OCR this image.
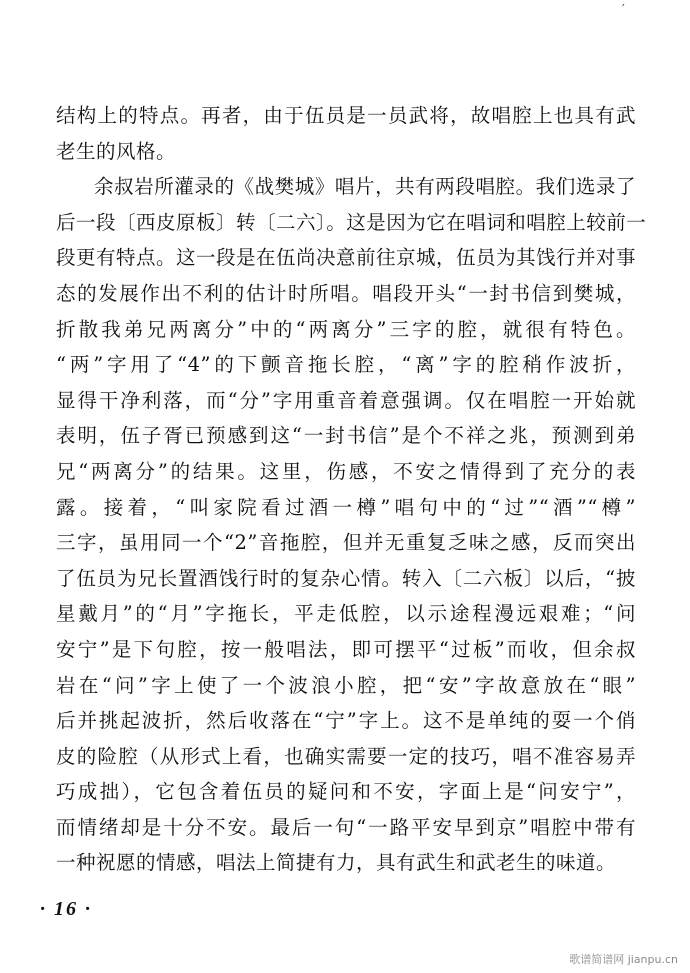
′
结构上的特点。再者，由于伍员是一员武将，故唱腔上也具有武
老生的风格。
余叔岩所灌录的《战樊城》唱片，共有两段唱腔。我们选录了
后一段〔西皮原板〕转〔二六〕。这是因为它在唱词和唱腔上较前一
段更有特点。这一段是在伍尚决意前往京城，伍员为其饯行并对事
态的发展作出不利的估计时所唱。唱段开头“一封书信到樊城，
折散我弟兄两离分”中的“两离分”三字的腔，就很有特色。
“两”字用了“4”的下颤音拖长腔，“离”字的腔稍作波折，
显得干净利落，而“分”字用重音着意强调。仅在唱腔一开始就
表明，伍子胥已预感到这“一封书信”是个不祥之兆，预测到弟
兄“两离分”的结果。这里，伤感，不安之情得到了充分的表
露。接着，“叫家院看过酒一樽”唱句中的“过”“酒”“樽”
三字，虽用同一个“2”音拖腔，但并无重复乏味之感，反而突出
了伍员为兄长置酒饯行时的复杂心情。转入〔二六板〕以后，“披
星戴月”的“月”字拖长，平走低腔，以示途程漫远艰难；“问
安宁”是下句腔，按一般唱法，即可摆平“过板”而收，但余叔
岩在“问”字上使了一个波浪小腔，把“安”字故意放在“眼”
后并挑起波折，然后收落在“宁”字上。这不是单纯的耍一个俏
皮的险腔（从形式上看，也确实需要一定的技巧，唱不准容易弄
巧成拙），它包含着伍员的疑问和不安，字面上是“问安宁”，
而情绪却是十分不安。最后一句“一路平安早到京”唱腔中带有
一种祝愿的情感，唱法上简捷有力，具有武生和武老生的味道。
· 16 ·
歌谱简谱网 jianpu.cn
